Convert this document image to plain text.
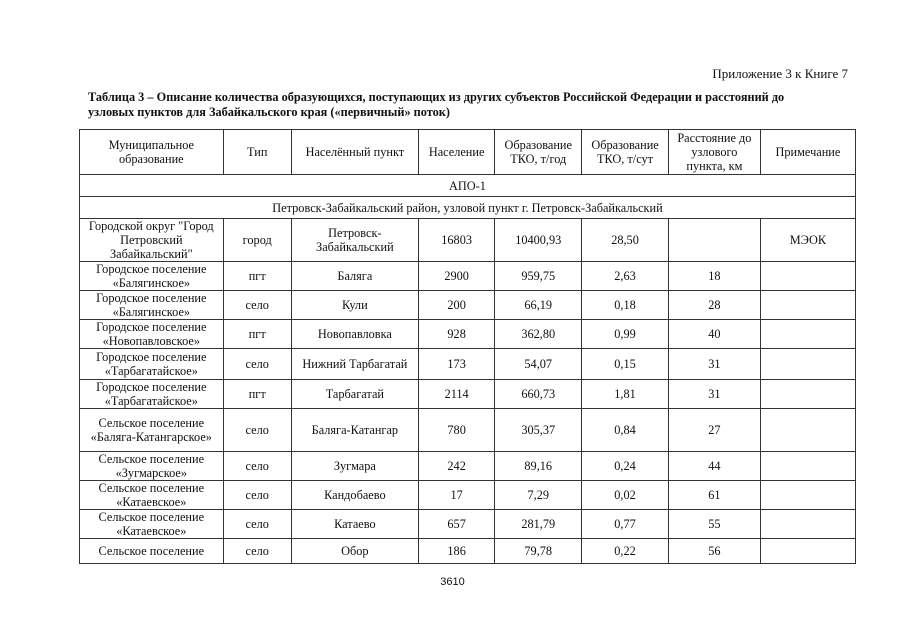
Приложение 3 к Книге 7
Таблица 3 – Описание количества образующихся, поступающих из других субъектов Российской Федерации и расстояний до узловых пунктов для Забайкальского края («первичный» поток)
Муниципальное образование	Тип	Населённый пункт	Население	Образование ТКО, т/год	Образование ТКО, т/сут	Расстояние до узлового пункта, км	Примечание
АПО-1							
Петровск-Забайкальский район, узловой пункт г. Петровск-Забайкальский							
Городской округ "Город Петровский Забайкальский"	город	Петровск-Забайкальский	16803	10400,93	28,50		МЭОК
Городское поселение «Балягинское»	пгт	Баляга	2900	959,75	2,63	18	
Городское поселение «Балягинское»	село	Кули	200	66,19	0,18	28	
Городское поселение «Новопавловское»	пгт	Новопавловка	928	362,80	0,99	40	
Городское поселение «Тарбагатайское»	село	Нижний Тарбагатай	173	54,07	0,15	31	
Городское поселение «Тарбагатайское»	пгт	Тарбагатай	2114	660,73	1,81	31	
Сельское поселение «Баляга-Катангарское»	село	Баляга-Катангар	780	305,37	0,84	27	
Сельское поселение «Зугмарское»	село	Зугмара	242	89,16	0,24	44	
Сельское поселение «Катаевское»	село	Кандобаево	17	7,29	0,02	61	
Сельское поселение «Катаевское»	село	Катаево	657	281,79	0,77	55	
Сельское поселение	село	Обор	186	79,78	0,22	56	
3610
